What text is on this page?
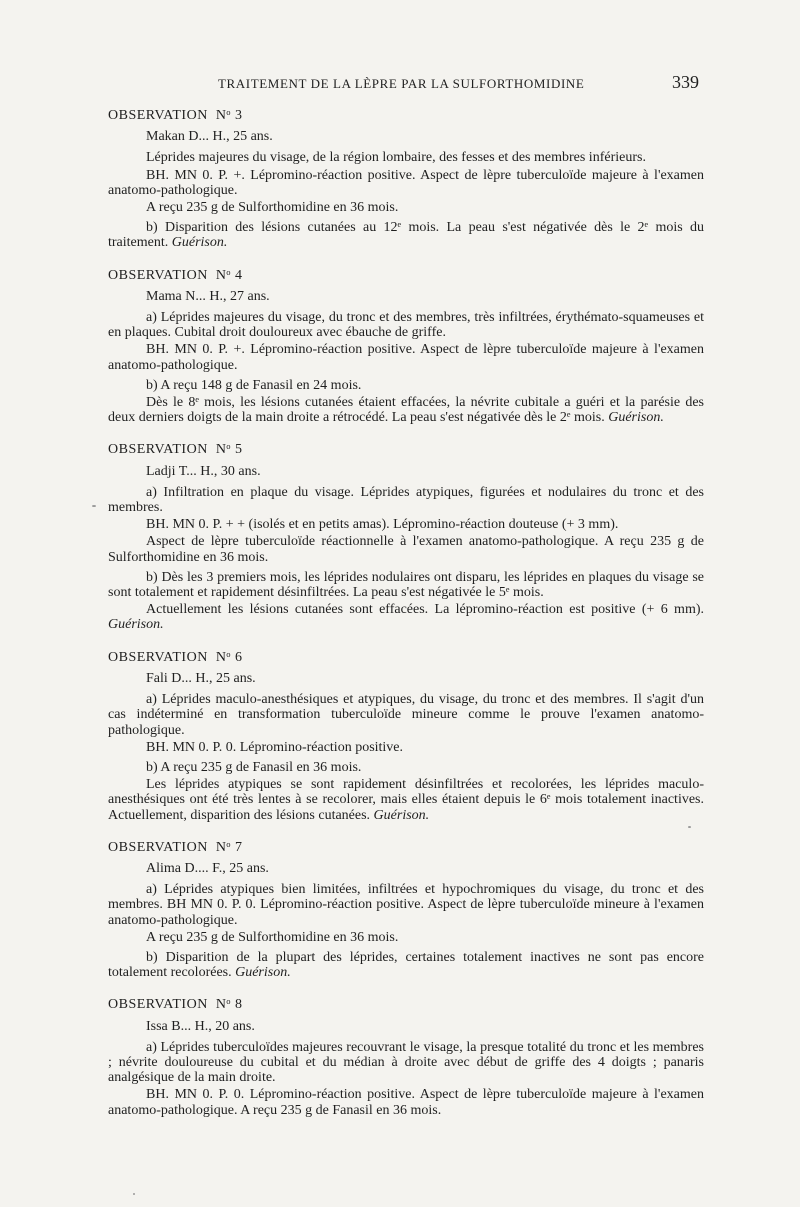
TRAITEMENT DE LA LÈPRE PAR LA SULFORTHOMIDINE	339
OBSERVATION Nᵒ 3

Makan D... H., 25 ans.

Léprides majeures du visage, de la région lombaire, des fesses et des membres inférieurs.

BH. MN 0. P. +. Lépromino-réaction positive. Aspect de lèpre tuberculoïde majeure à l'examen anatomo-pathologique.

A reçu 235 g de Sulforthomidine en 36 mois.

b) Disparition des lésions cutanées au 12ᵉ mois. La peau s'est négativée dès le 2ᵉ mois du traitement. Guérison.

OBSERVATION Nᵒ 4

Mama N... H., 27 ans.

a) Léprides majeures du visage, du tronc et des membres, très infiltrées, érythémato-squameuses et en plaques. Cubital droit douloureux avec ébauche de griffe.

BH. MN 0. P. +. Lépromino-réaction positive. Aspect de lèpre tuberculoïde majeure à l'examen anatomo-pathologique.

b) A reçu 148 g de Fanasil en 24 mois.

Dès le 8ᵉ mois, les lésions cutanées étaient effacées, la névrite cubitale a guéri et la parésie des deux derniers doigts de la main droite a rétrocédé. La peau s'est négativée dès le 2ᵉ mois. Guérison.

OBSERVATION Nᵒ 5

Ladji T... H., 30 ans.

a) Infiltration en plaque du visage. Léprides atypiques, figurées et nodulaires du tronc et des membres.

BH. MN 0. P. + + (isolés et en petits amas). Lépromino-réaction douteuse (+ 3 mm).

Aspect de lèpre tuberculoïde réactionnelle à l'examen anatomo-pathologique. A reçu 235 g de Sulforthomidine en 36 mois.

b) Dès les 3 premiers mois, les léprides nodulaires ont disparu, les léprides en plaques du visage se sont totalement et rapidement désinfiltrées. La peau s'est négativée le 5ᵉ mois.

Actuellement les lésions cutanées sont effacées. La lépromino-réaction est positive (+ 6 mm). Guérison.

OBSERVATION Nᵒ 6

Fali D... H., 25 ans.

a) Léprides maculo-anesthésiques et atypiques, du visage, du tronc et des membres. Il s'agit d'un cas indéterminé en transformation tuberculoïde mineure comme le prouve l'examen anatomo-pathologique.

BH. MN 0. P. 0. Lépromino-réaction positive.

b) A reçu 235 g de Fanasil en 36 mois.

Les léprides atypiques se sont rapidement désinfiltrées et recolorées, les léprides maculo-anesthésiques ont été très lentes à se recolorer, mais elles étaient depuis le 6ᵉ mois totalement inactives. Actuellement, disparition des lésions cutanées. Guérison.

OBSERVATION Nᵒ 7

Alima D.... F., 25 ans.

a) Léprides atypiques bien limitées, infiltrées et hypochromiques du visage, du tronc et des membres. BH MN 0. P. 0. Lépromino-réaction positive. Aspect de lèpre tuberculoïde mineure à l'examen anatomo-pathologique.

A reçu 235 g de Sulforthomidine en 36 mois.

b) Disparition de la plupart des léprides, certaines totalement inactives ne sont pas encore totalement recolorées. Guérison.

OBSERVATION Nᵒ 8

Issa B... H., 20 ans.

a) Léprides tuberculoïdes majeures recouvrant le visage, la presque totalité du tronc et les membres ; névrite douloureuse du cubital et du médian à droite avec début de griffe des 4 doigts ; panaris analgésique de la main droite.

BH. MN 0. P. 0. Lépromino-réaction positive. Aspect de lèpre tuberculoïde majeure à l'examen anatomo-pathologique. A reçu 235 g de Fanasil en 36 mois.
